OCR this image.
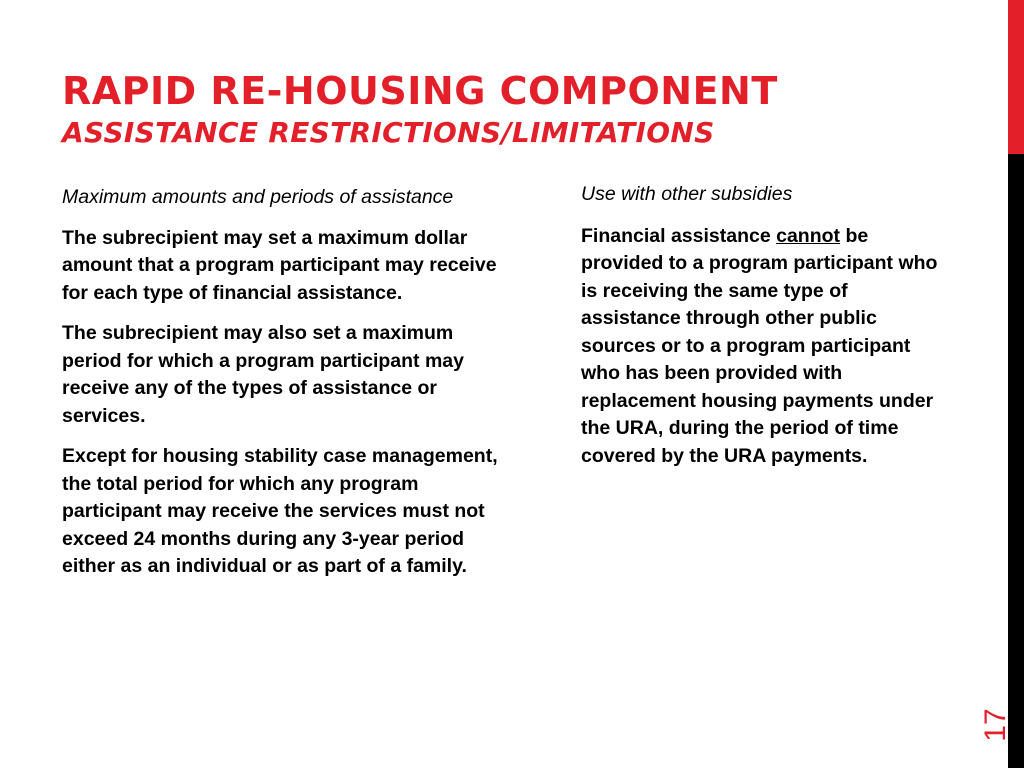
RAPID RE-HOUSING COMPONENT
ASSISTANCE RESTRICTIONS/LIMITATIONS

Maximum amounts and periods of assistance

The subrecipient may set a maximum dollar amount that a program participant may receive for each type of financial assistance.

The subrecipient may also set a maximum period for which a program participant may receive any of the types of assistance or services.

Except for housing stability case management, the total period for which any program participant may receive the services must not exceed 24 months during any 3-year period either as an individual or as part of a family.

Use with other subsidies

Financial assistance cannot be provided to a program participant who is receiving the same type of assistance through other public sources or to a program participant who has been provided with replacement housing payments under the URA, during the period of time covered by the URA payments.

17
